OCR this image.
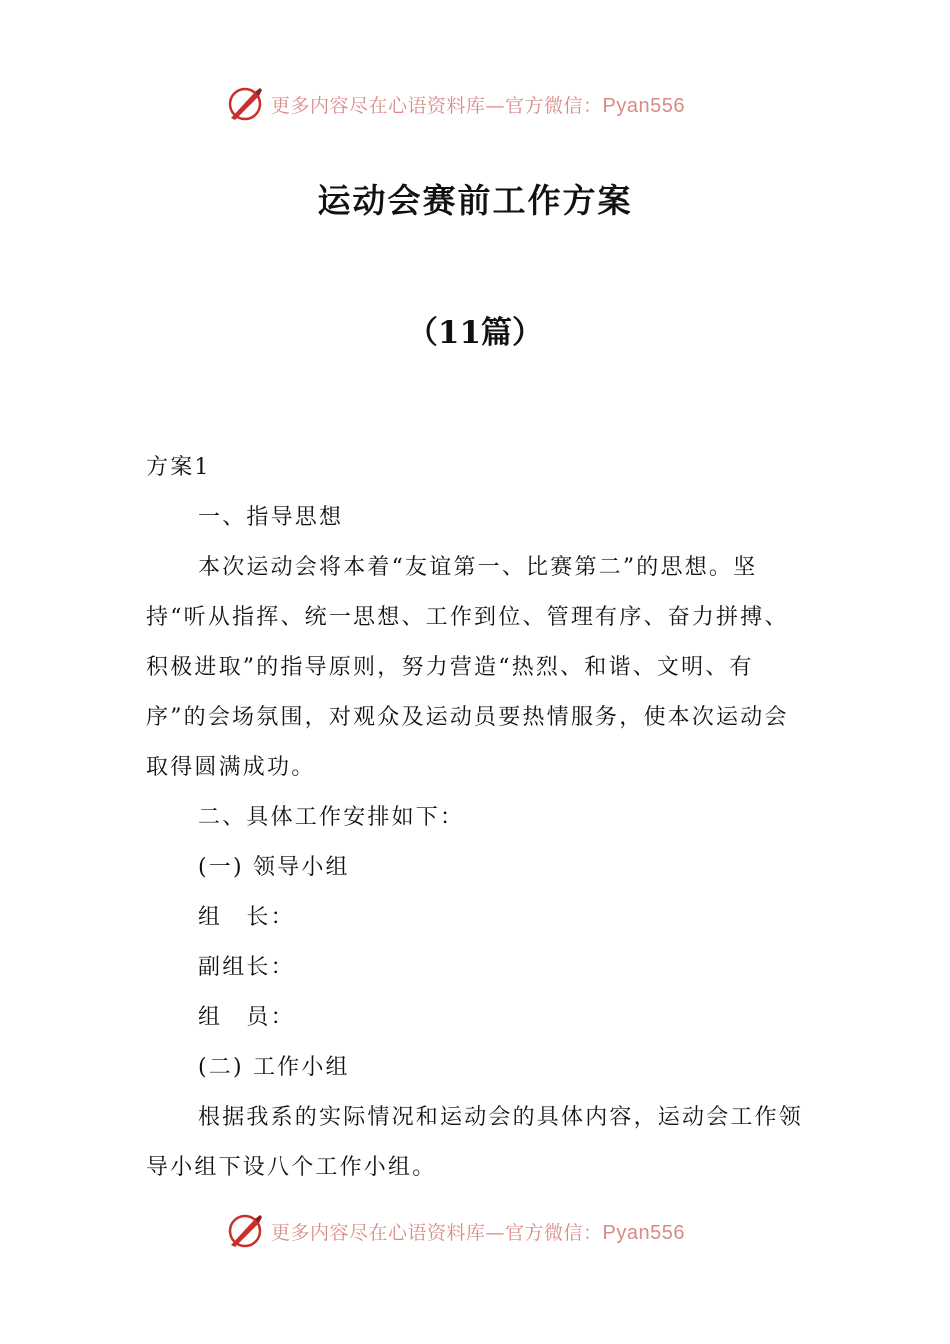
更多内容尽在心语资料库—官方微信：Pyan556
运动会赛前工作方案
（11篇）

方案1

一、指导思想

本次运动会将本着“友谊第一、比赛第二”的思想。坚持“听从指挥、统一思想、工作到位、管理有序、奋力拼搏、积极进取”的指导原则，努力营造“热烈、和谐、文明、有序”的会场氛围，对观众及运动员要热情服务，使本次运动会取得圆满成功。

二、具体工作安排如下：

(一) 领导小组

组　长：

副组长：

组　员：

(二) 工作小组

根据我系的实际情况和运动会的具体内容，运动会工作领导小组下设八个工作小组。

更多内容尽在心语资料库—官方微信：Pyan556
